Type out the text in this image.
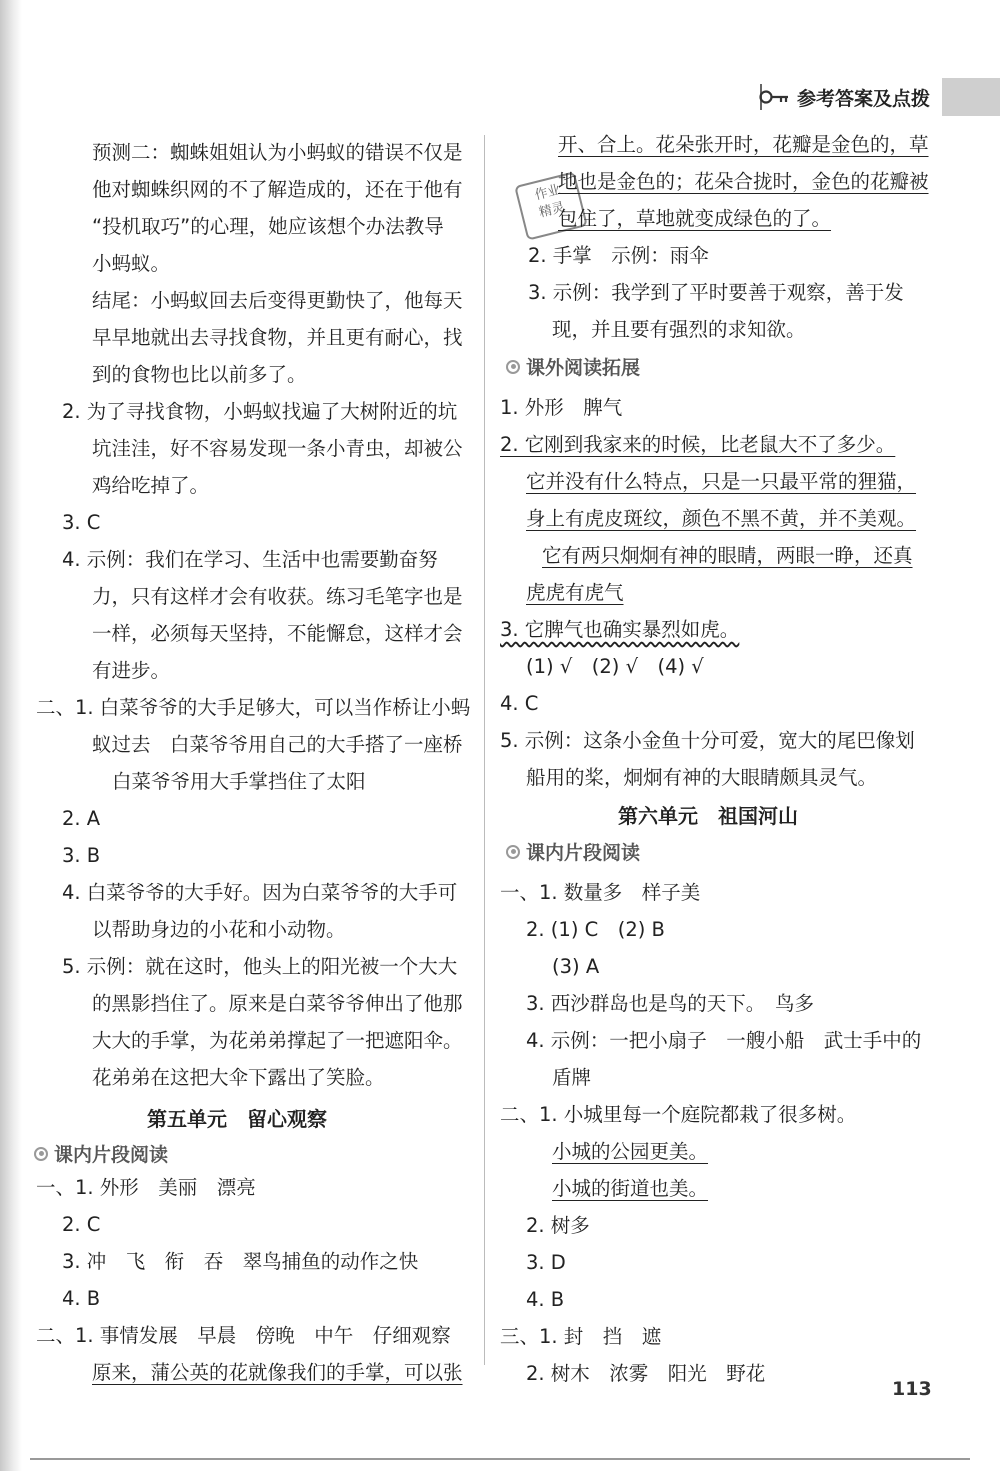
参考答案及点拨
作业
精灵
第五单元　留心观察
课内片段阅读
预测二：蜘蛛姐姐认为小蚂蚁的错误不仅是
他对蜘蛛织网的不了解造成的，还在于他有
“投机取巧”的心理，她应该想个办法教导
小蚂蚁。
结尾：小蚂蚁回去后变得更勤快了，他每天
早早地就出去寻找食物，并且更有耐心，找
到的食物也比以前多了。
2. 为了寻找食物，小蚂蚁找遍了大树附近的坑
坑洼洼，好不容易发现一条小青虫，却被公
鸡给吃掉了。
3. C
4. 示例：我们在学习、生活中也需要勤奋努
力，只有这样才会有收获。练习毛笔字也是
一样，必须每天坚持，不能懈怠，这样才会
有进步。
二、1. 白菜爷爷的大手足够大，可以当作桥让小蚂
蚁过去　白菜爷爷用自己的大手搭了一座桥
白菜爷爷用大手掌挡住了太阳
2. A
3. B
4. 白菜爷爷的大手好。因为白菜爷爷的大手可
以帮助身边的小花和小动物。
5. 示例：就在这时，他头上的阳光被一个大大
的黑影挡住了。原来是白菜爷爷伸出了他那
大大的手掌，为花弟弟撑起了一把遮阳伞。
花弟弟在这把大伞下露出了笑脸。
一、1. 外形　美丽　漂亮
2. C
3. 冲　飞　衔　吞　翠鸟捕鱼的动作之快
4. B
二、1. 事情发展　早晨　傍晚　中午　仔细观察
原来，蒲公英的花就像我们的手掌，可以张
课外阅读拓展
第六单元　祖国河山
课内片段阅读
开、合上。花朵张开时，花瓣是金色的，草
地也是金色的；花朵合拢时，金色的花瓣被
包住了，草地就变成绿色的了。
2. 手掌　示例：雨伞
3. 示例：我学到了平时要善于观察，善于发
现，并且要有强烈的求知欲。
1. 外形　脾气
2. 它刚到我家来的时候，比老鼠大不了多少。
它并没有什么特点，只是一只最平常的狸猫，
身上有虎皮斑纹，颜色不黑不黄，并不美观。
它有两只炯炯有神的眼睛，两眼一睁，还真
虎虎有虎气
3. 它脾气也确实暴烈如虎。
(1) √　(2) √　(4) √
4. C
5. 示例：这条小金鱼十分可爱，宽大的尾巴像划
船用的桨，炯炯有神的大眼睛颇具灵气。
一、1. 数量多　样子美
2. (1) C　(2) B
(3) A
3. 西沙群岛也是鸟的天下。　鸟多
4. 示例：一把小扇子　一艘小船　武士手中的
盾牌
二、1. 小城里每一个庭院都栽了很多树。
小城的公园更美。
小城的街道也美。
2. 树多
3. D
4. B
三、1. 封　挡　遮
2. 树木　浓雾　阳光　野花
113
